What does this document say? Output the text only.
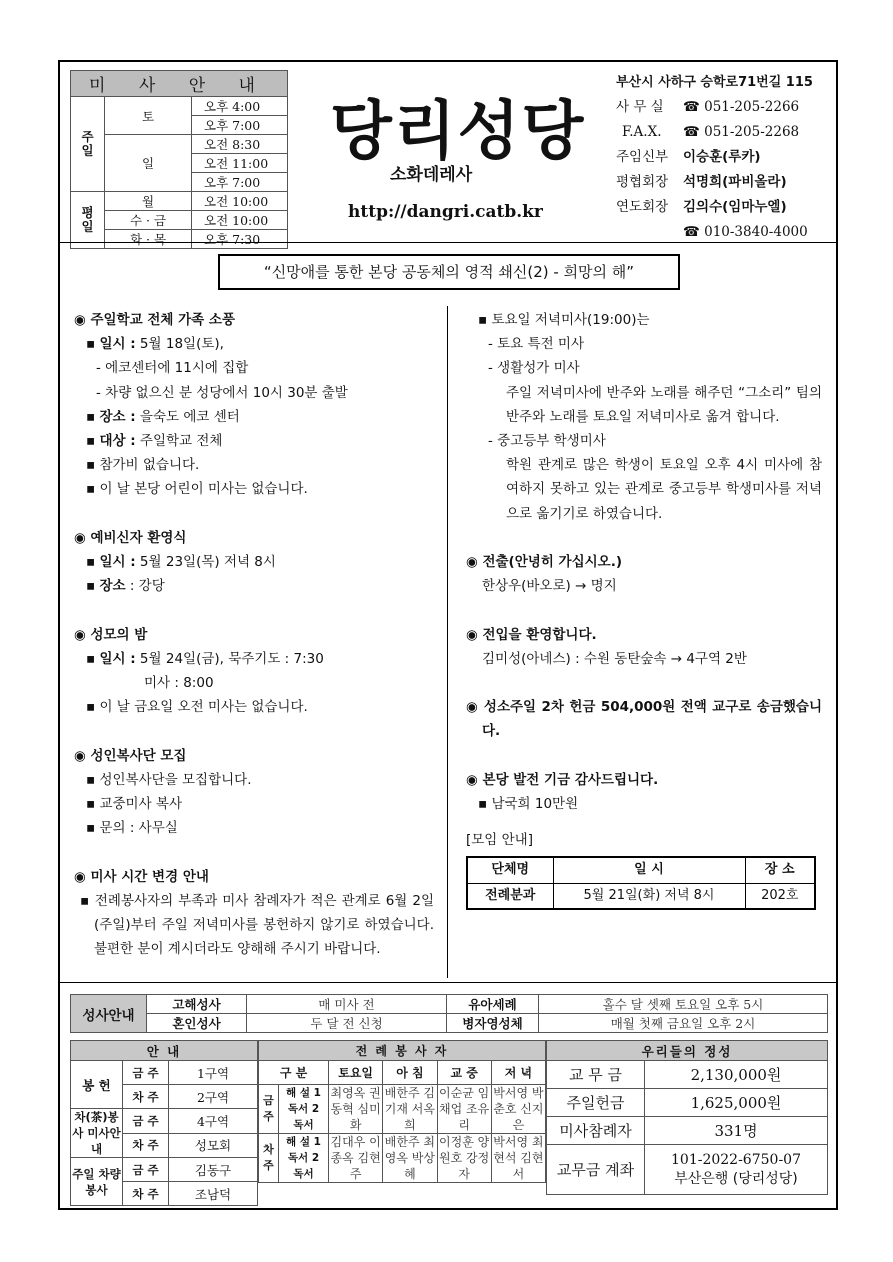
미 사 안 내		
주 일	토	오후 4:00
		오후 7:00
	일	오전 8:30
		오전 11:00
		오후 7:00
평 일	월	오전 10:00
	수 · 금	오전 10:00
	화 · 목	오후 7:30
당리성당
소화데레사
http://dangri.catb.kr
부산시 사하구 승학로71번길 115
사 무 실 ☎ 051-205-2266
F.A.X. ☎ 051-205-2268
주임신부 이승훈(루카)
평협회장 석명희(파비올라)
연도회장 김의수(임마누엘)
☎ 010-3840-4000
“신망애를 통한 본당 공동체의 영적 쇄신(2) - 희망의 해”
◉ 주일학교 전체 가족 소풍
▪ 일시 : 5월 18일(토),
- 에코센터에 11시에 집합
- 차량 없으신 분 성당에서 10시 30분 출발
▪ 장소 : 을숙도 에코 센터
▪ 대상 : 주일학교 전체
▪ 참가비 없습니다.
▪ 이 날 본당 어린이 미사는 없습니다.
◉ 예비신자 환영식
▪ 일시 : 5월 23일(목) 저녁 8시
▪ 장소 : 강당
◉ 성모의 밤
▪ 일시 : 5월 24일(금), 묵주기도 : 7:30
미사 : 8:00
▪ 이 날 금요일 오전 미사는 없습니다.
◉ 성인복사단 모집
▪ 성인복사단을 모집합니다.
▪ 교중미사 복사
▪ 문의 : 사무실
◉ 미사 시간 변경 안내
▪ 전례봉사자의 부족과 미사 참례자가 적은 관계로 6월 2일(주일)부터 주일 저녁미사를 봉헌하지 않기로 하였습니다. 불편한 분이 계시더라도 양해해 주시기 바랍니다.
▪ 토요일 저녁미사(19:00)는
- 토요 특전 미사
- 생활성가 미사
주일 저녁미사에 반주와 노래를 해주던 “그소리” 팀의 반주와 노래를 토요일 저녁미사로 옮겨 합니다.
- 중고등부 학생미사
학원 관계로 많은 학생이 토요일 오후 4시 미사에 참여하지 못하고 있는 관계로 중고등부 학생미사를 저녁으로 옮기기로 하였습니다.
◉ 전출(안녕히 가십시오.)
한상우(바오로) → 명지
◉ 전입을 환영합니다.
김미성(아네스) : 수원 동탄숲속 → 4구역 2반
◉ 성소주일 2차 헌금 504,000원 전액 교구로 송금했습니다.
◉ 본당 발전 기금 감사드립니다.
▪ 남국희 10만원
[모임 안내]
단체명	일 시	장 소
전례분과	5월 21일(화) 저녁 8시	202호
성사안내	고해성사	매 미사 전	유아세례	홀수 달 셋째 토요일 오후 5시
	혼인성사	두 달 전 신청	병자영성체	매월 첫째 금요일 오후 2시
안 내		
봉 헌	금 주	1구역
	차 주	2구역
차(茶)봉사 미사안내	금 주	4구역
	차 주	성모회
주일 차량봉사	금 주	김동구
	차 주	조남덕
전 례 봉 사 자					
구 분		토요일	아 침	교 중	저 녁
금 주	해 설 1독서 2독서	최영옥 권동혁 심미화	배한주 김기재 서옥희	이순균 임채업 조유리	박서영 박춘호 신지은
차 주	해 설 1독서 2독서	김대우 이종옥 김현주	배한주 최영옥 박상혜	이정훈 양원호 강정자	박서영 최현석 김현서
우리들의 정성	
교 무 금	2,130,000원
주일헌금	1,625,000원
미사참례자	331명
교무금 계좌	101-2022-6750-07
부산은행 (당리성당)
